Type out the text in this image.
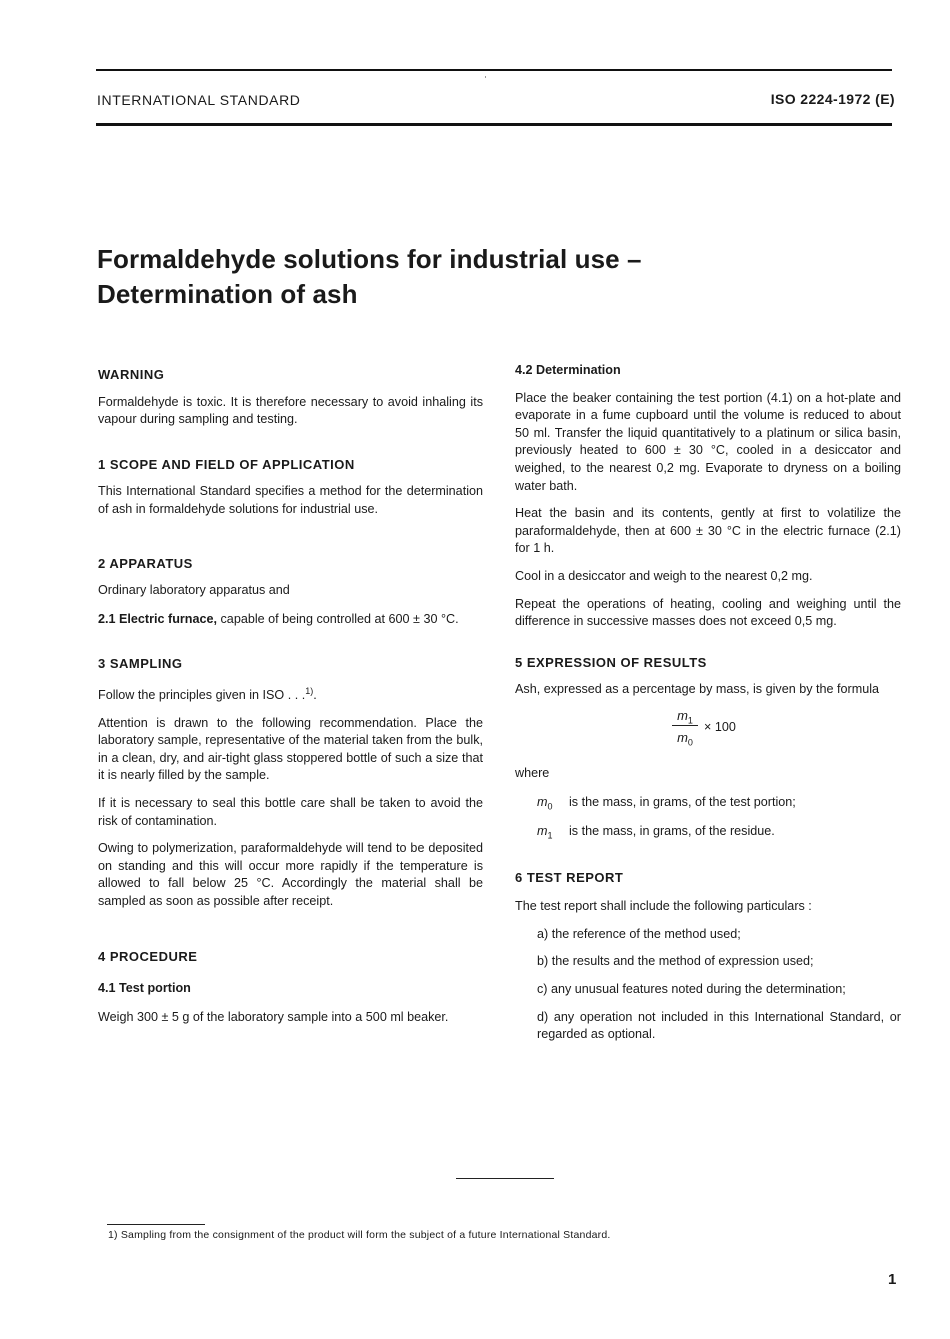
INTERNATIONAL STANDARD	ISO 2224-1972 (E)
Formaldehyde solutions for industrial use –
Determination of ash

WARNING

Formaldehyde is toxic. It is therefore necessary to avoid inhaling its vapour during sampling and testing.

1 SCOPE AND FIELD OF APPLICATION

This International Standard specifies a method for the determination of ash in formaldehyde solutions for industrial use.

2 APPARATUS

Ordinary laboratory apparatus and

2.1 Electric furnace, capable of being controlled at 600 ± 30 °C.

3 SAMPLING

Follow the principles given in ISO . . .$^{1)}$.

Attention is drawn to the following recommendation. Place the laboratory sample, representative of the material taken from the bulk, in a clean, dry, and air-tight glass stoppered bottle of such a size that it is nearly filled by the sample.

If it is necessary to seal this bottle care shall be taken to avoid the risk of contamination.

Owing to polymerization, paraformaldehyde will tend to be deposited on standing and this will occur more rapidly if the temperature is allowed to fall below 25 °C. Accordingly the material shall be sampled as soon as possible after receipt.

4 PROCEDURE

4.1 Test portion

Weigh 300 ± 5 g of the laboratory sample into a 500 ml beaker.

4.2 Determination

Place the beaker containing the test portion (4.1) on a hot-plate and evaporate in a fume cupboard until the volume is reduced to about 50 ml. Transfer the liquid quantitatively to a platinum or silica basin, previously heated to 600 ± 30 °C, cooled in a desiccator and weighed, to the nearest 0,2 mg. Evaporate to dryness on a boiling water bath.

Heat the basin and its contents, gently at first to volatilize the paraformaldehyde, then at 600 ± 30 °C in the electric furnace (2.1) for 1 h.

Cool in a desiccator and weigh to the nearest 0,2 mg.

Repeat the operations of heating, cooling and weighing until the difference in successive masses does not exceed 0,5 mg.

5 EXPRESSION OF RESULTS

Ash, expressed as a percentage by mass, is given by the formula

$m_1$
$m_0$
× 100

where

$m_0$ is the mass, in grams, of the test portion;

$m_1$ is the mass, in grams, of the residue.

6 TEST REPORT

The test report shall include the following particulars :

a) the reference of the method used;

b) the results and the method of expression used;

c) any unusual features noted during the determination;

d) any operation not included in this International Standard, or regarded as optional.

1) Sampling from the consignment of the product will form the subject of a future International Standard.
1
